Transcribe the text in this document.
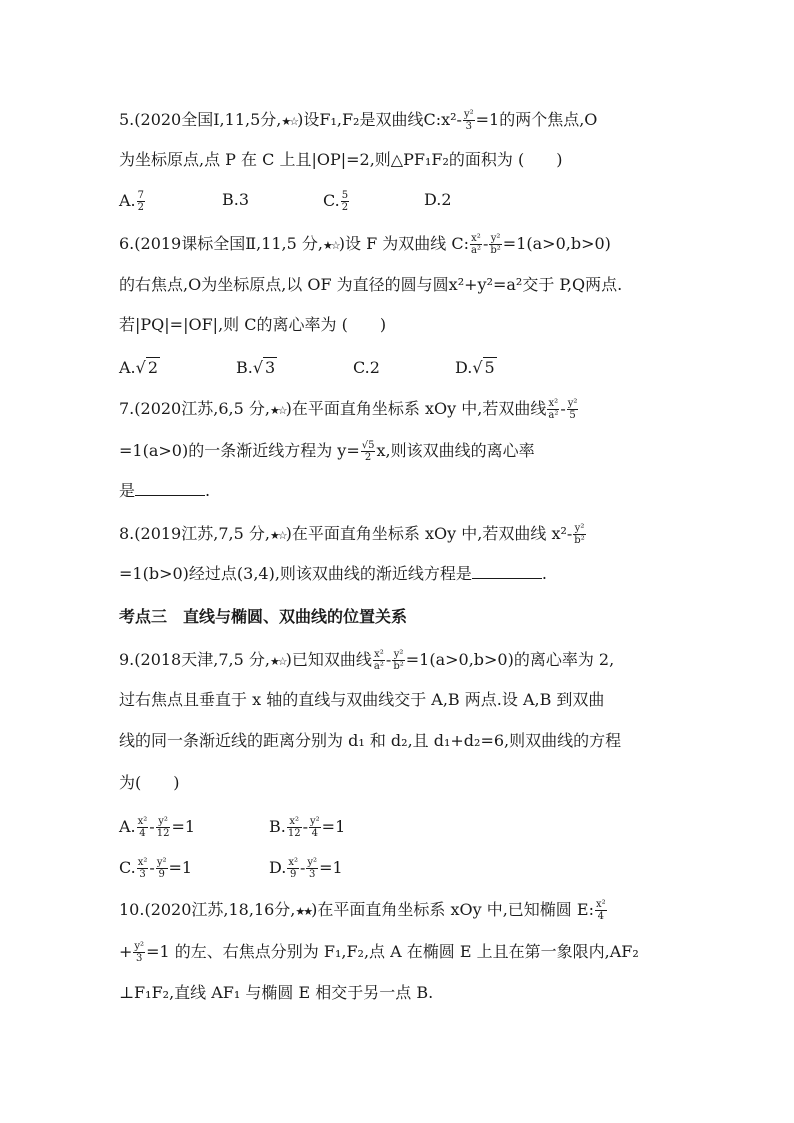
5.(2020全国Ⅰ,11,5分,★☆)设F₁,F₂是双曲线C:x²- $\frac{\text{y²}}{3} =1$的两个焦点,O
为坐标原点,点 P 在 C 上且|OP|=2,则△PF₁F₂的面积为 (　　)
A. $\frac{7}{2}$	B.3	C. $\frac{5}{2}$	D.2
6.(2019课标全国Ⅱ,11,5 分,★☆)设 F 为双曲线 C: $\frac{\text{x²}}{\text{a²}} - \frac{\text{y²}}{\text{b²}} =1(a>0,b>0)$
的右焦点,O为坐标原点,以 OF 为直径的圆与圆x²+y²=a²交于 P,Q两点.
若|PQ|=|OF|,则 C的离心率为 (　　)
A.√ 2	B.√ 3	C.2	D.√ 5
7.(2020江苏,6,5 分,★☆)在平面直角坐标系 xOy 中,若双曲线 $\frac{\text{x²}}{\text{a²}} - \frac{\text{y²}}{5}$
=1(a>0)的一条渐近线方程为 $y= \frac{√5}{2} x$,则该双曲线的离心率
是	.
8.(2019江苏,7,5 分,★☆)在平面直角坐标系 xOy 中,若双曲线 $x^2- \frac{\text{y²}}{\text{b²}}$
=1(b>0)经过点(3,4),则该双曲线的渐近线方程是	.
考点三　直线与椭圆、双曲线的位置关系
9.(2018天津,7,5 分,★☆)已知双曲线 $\frac{\text{x²}}{\text{a²}} - \frac{\text{y²}}{\text{b²}} =1(a>0,b>0)$的离心率为 2,
过右焦点且垂直于 x 轴的直线与双曲线交于 A,B 两点.设 A,B 到双曲
线的同一条渐近线的距离分别为 d₁ 和 d₂,且 d₁+d₂=6,则双曲线的方程
为(　　)
A. $\frac{\text{x²}}{4} - \frac{\text{y²}}{12} =1$	B. $\frac{\text{x²}}{12} - \frac{\text{y²}}{4} =1$
C. $\frac{\text{x²}}{3} - \frac{\text{y²}}{9} =1$	D. $\frac{\text{x²}}{9} - \frac{\text{y²}}{3} =1$
10.(2020江苏,18,16分,★★)在平面直角坐标系 xOy 中,已知椭圆 E: $\frac{\text{x²}}{4}$
+ $\frac{\text{y²}}{3} =1$ 的左、右焦点分别为 F₁,F₂,点 A 在椭圆 E 上且在第一象限内,AF₂
⊥F₁F₂,直线 AF₁ 与椭圆 E 相交于另一点 B.
